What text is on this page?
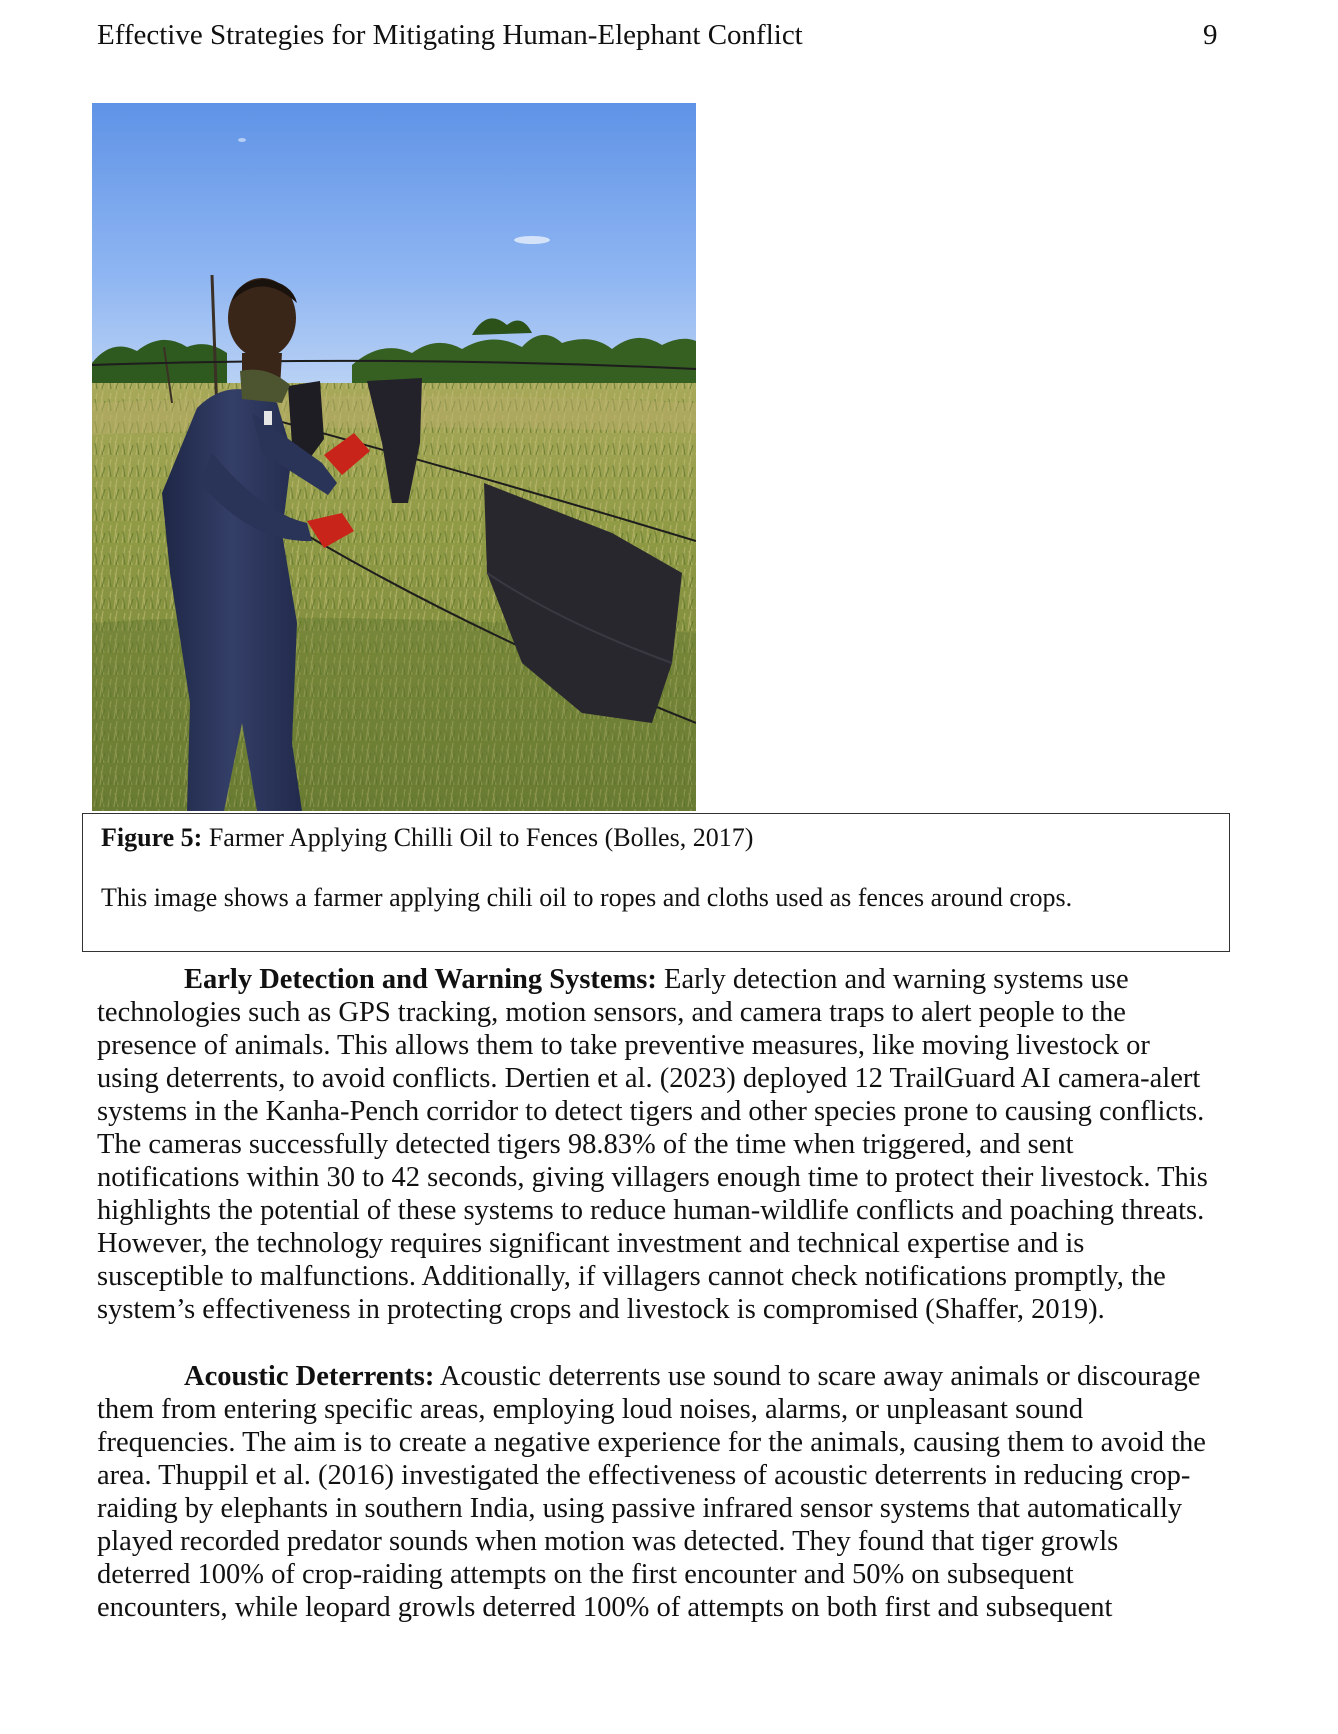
Effective Strategies for Mitigating Human-Elephant Conflict	9
Figure 5: Farmer Applying Chilli Oil to Fences (Bolles, 2017)
This image shows a farmer applying chili oil to ropes and cloths used as fences around crops.
Early Detection and Warning Systems: Early detection and warning systems use
technologies such as GPS tracking, motion sensors, and camera traps to alert people to the
presence of animals. This allows them to take preventive measures, like moving livestock or
using deterrents, to avoid conflicts. Dertien et al. (2023) deployed 12 TrailGuard AI camera-alert
systems in the Kanha-Pench corridor to detect tigers and other species prone to causing conflicts.
The cameras successfully detected tigers 98.83% of the time when triggered, and sent
notifications within 30 to 42 seconds, giving villagers enough time to protect their livestock. This
highlights the potential of these systems to reduce human-wildlife conflicts and poaching threats.
However, the technology requires significant investment and technical expertise and is
susceptible to malfunctions. Additionally, if villagers cannot check notifications promptly, the
system’s effectiveness in protecting crops and livestock is compromised (Shaffer, 2019).
Acoustic Deterrents: Acoustic deterrents use sound to scare away animals or discourage
them from entering specific areas, employing loud noises, alarms, or unpleasant sound
frequencies. The aim is to create a negative experience for the animals, causing them to avoid the
area. Thuppil et al. (2016) investigated the effectiveness of acoustic deterrents in reducing crop-
raiding by elephants in southern India, using passive infrared sensor systems that automatically
played recorded predator sounds when motion was detected. They found that tiger growls
deterred 100% of crop-raiding attempts on the first encounter and 50% on subsequent
encounters, while leopard growls deterred 100% of attempts on both first and subsequent
